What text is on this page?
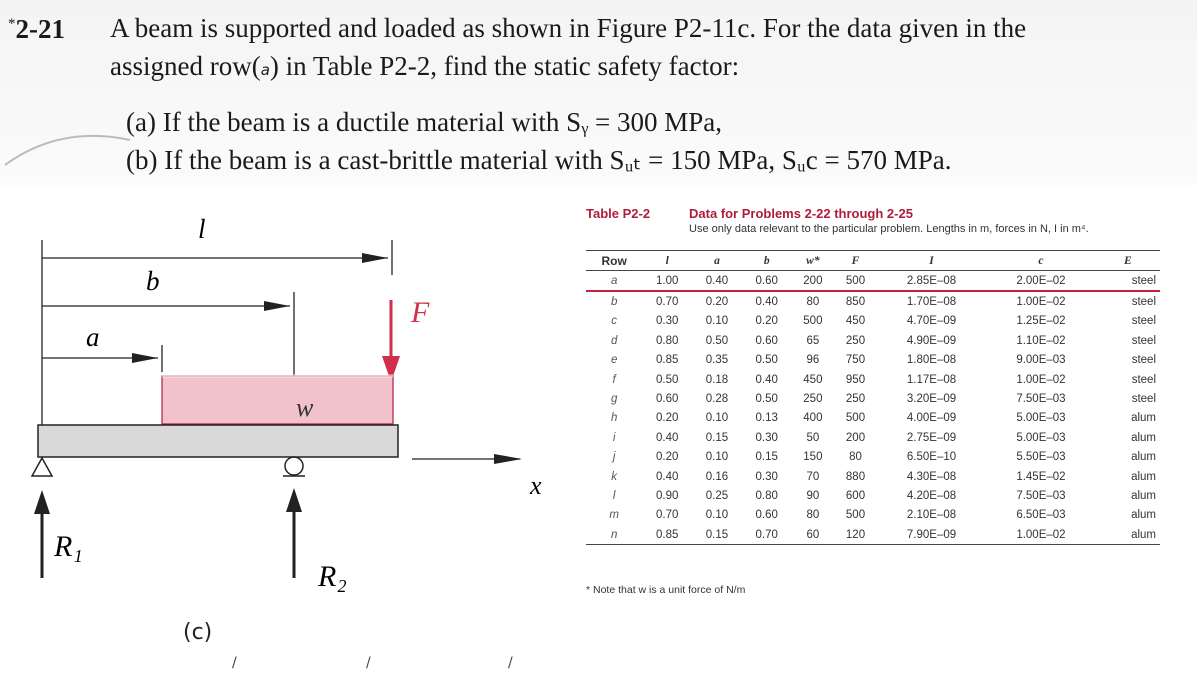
*2-21 A beam is supported and loaded as shown in Figure P2-11c. For the data given in the
assigned row(a) in Table P2-2, find the static safety factor:
(a) If the beam is a ductile material with Sᵧ = 300 MPa,
(b) If the beam is a cast-brittle material with Sᵤₜ = 150 MPa, Sᵤc = 570 MPa.
l
b
a
F
w
x
R₁
R₂
(c)
/	/	/
Table P2-2	Data for Problems 2-22 through 2-25
Use only data relevant to the particular problem. Lengths in m, forces in N, I in m⁴.
Row	l	a	b	w*	F	I	c	E
a	1.00	0.40	0.60	200	500	2.85E–08	2.00E–02	steel
b	0.70	0.20	0.40	80	850	1.70E–08	1.00E–02	steel
c	0.30	0.10	0.20	500	450	4.70E–09	1.25E–02	steel
d	0.80	0.50	0.60	65	250	4.90E–09	1.10E–02	steel
e	0.85	0.35	0.50	96	750	1.80E–08	9.00E–03	steel
f	0.50	0.18	0.40	450	950	1.17E–08	1.00E–02	steel
g	0.60	0.28	0.50	250	250	3.20E–09	7.50E–03	steel
h	0.20	0.10	0.13	400	500	4.00E–09	5.00E–03	alum
i	0.40	0.15	0.30	50	200	2.75E–09	5.00E–03	alum
j	0.20	0.10	0.15	150	80	6.50E–10	5.50E–03	alum
k	0.40	0.16	0.30	70	880	4.30E–08	1.45E–02	alum
l	0.90	0.25	0.80	90	600	4.20E–08	7.50E–03	alum
m	0.70	0.10	0.60	80	500	2.10E–08	6.50E–03	alum
n	0.85	0.15	0.70	60	120	7.90E–09	1.00E–02	alum
* Note that w is a unit force of N/m
